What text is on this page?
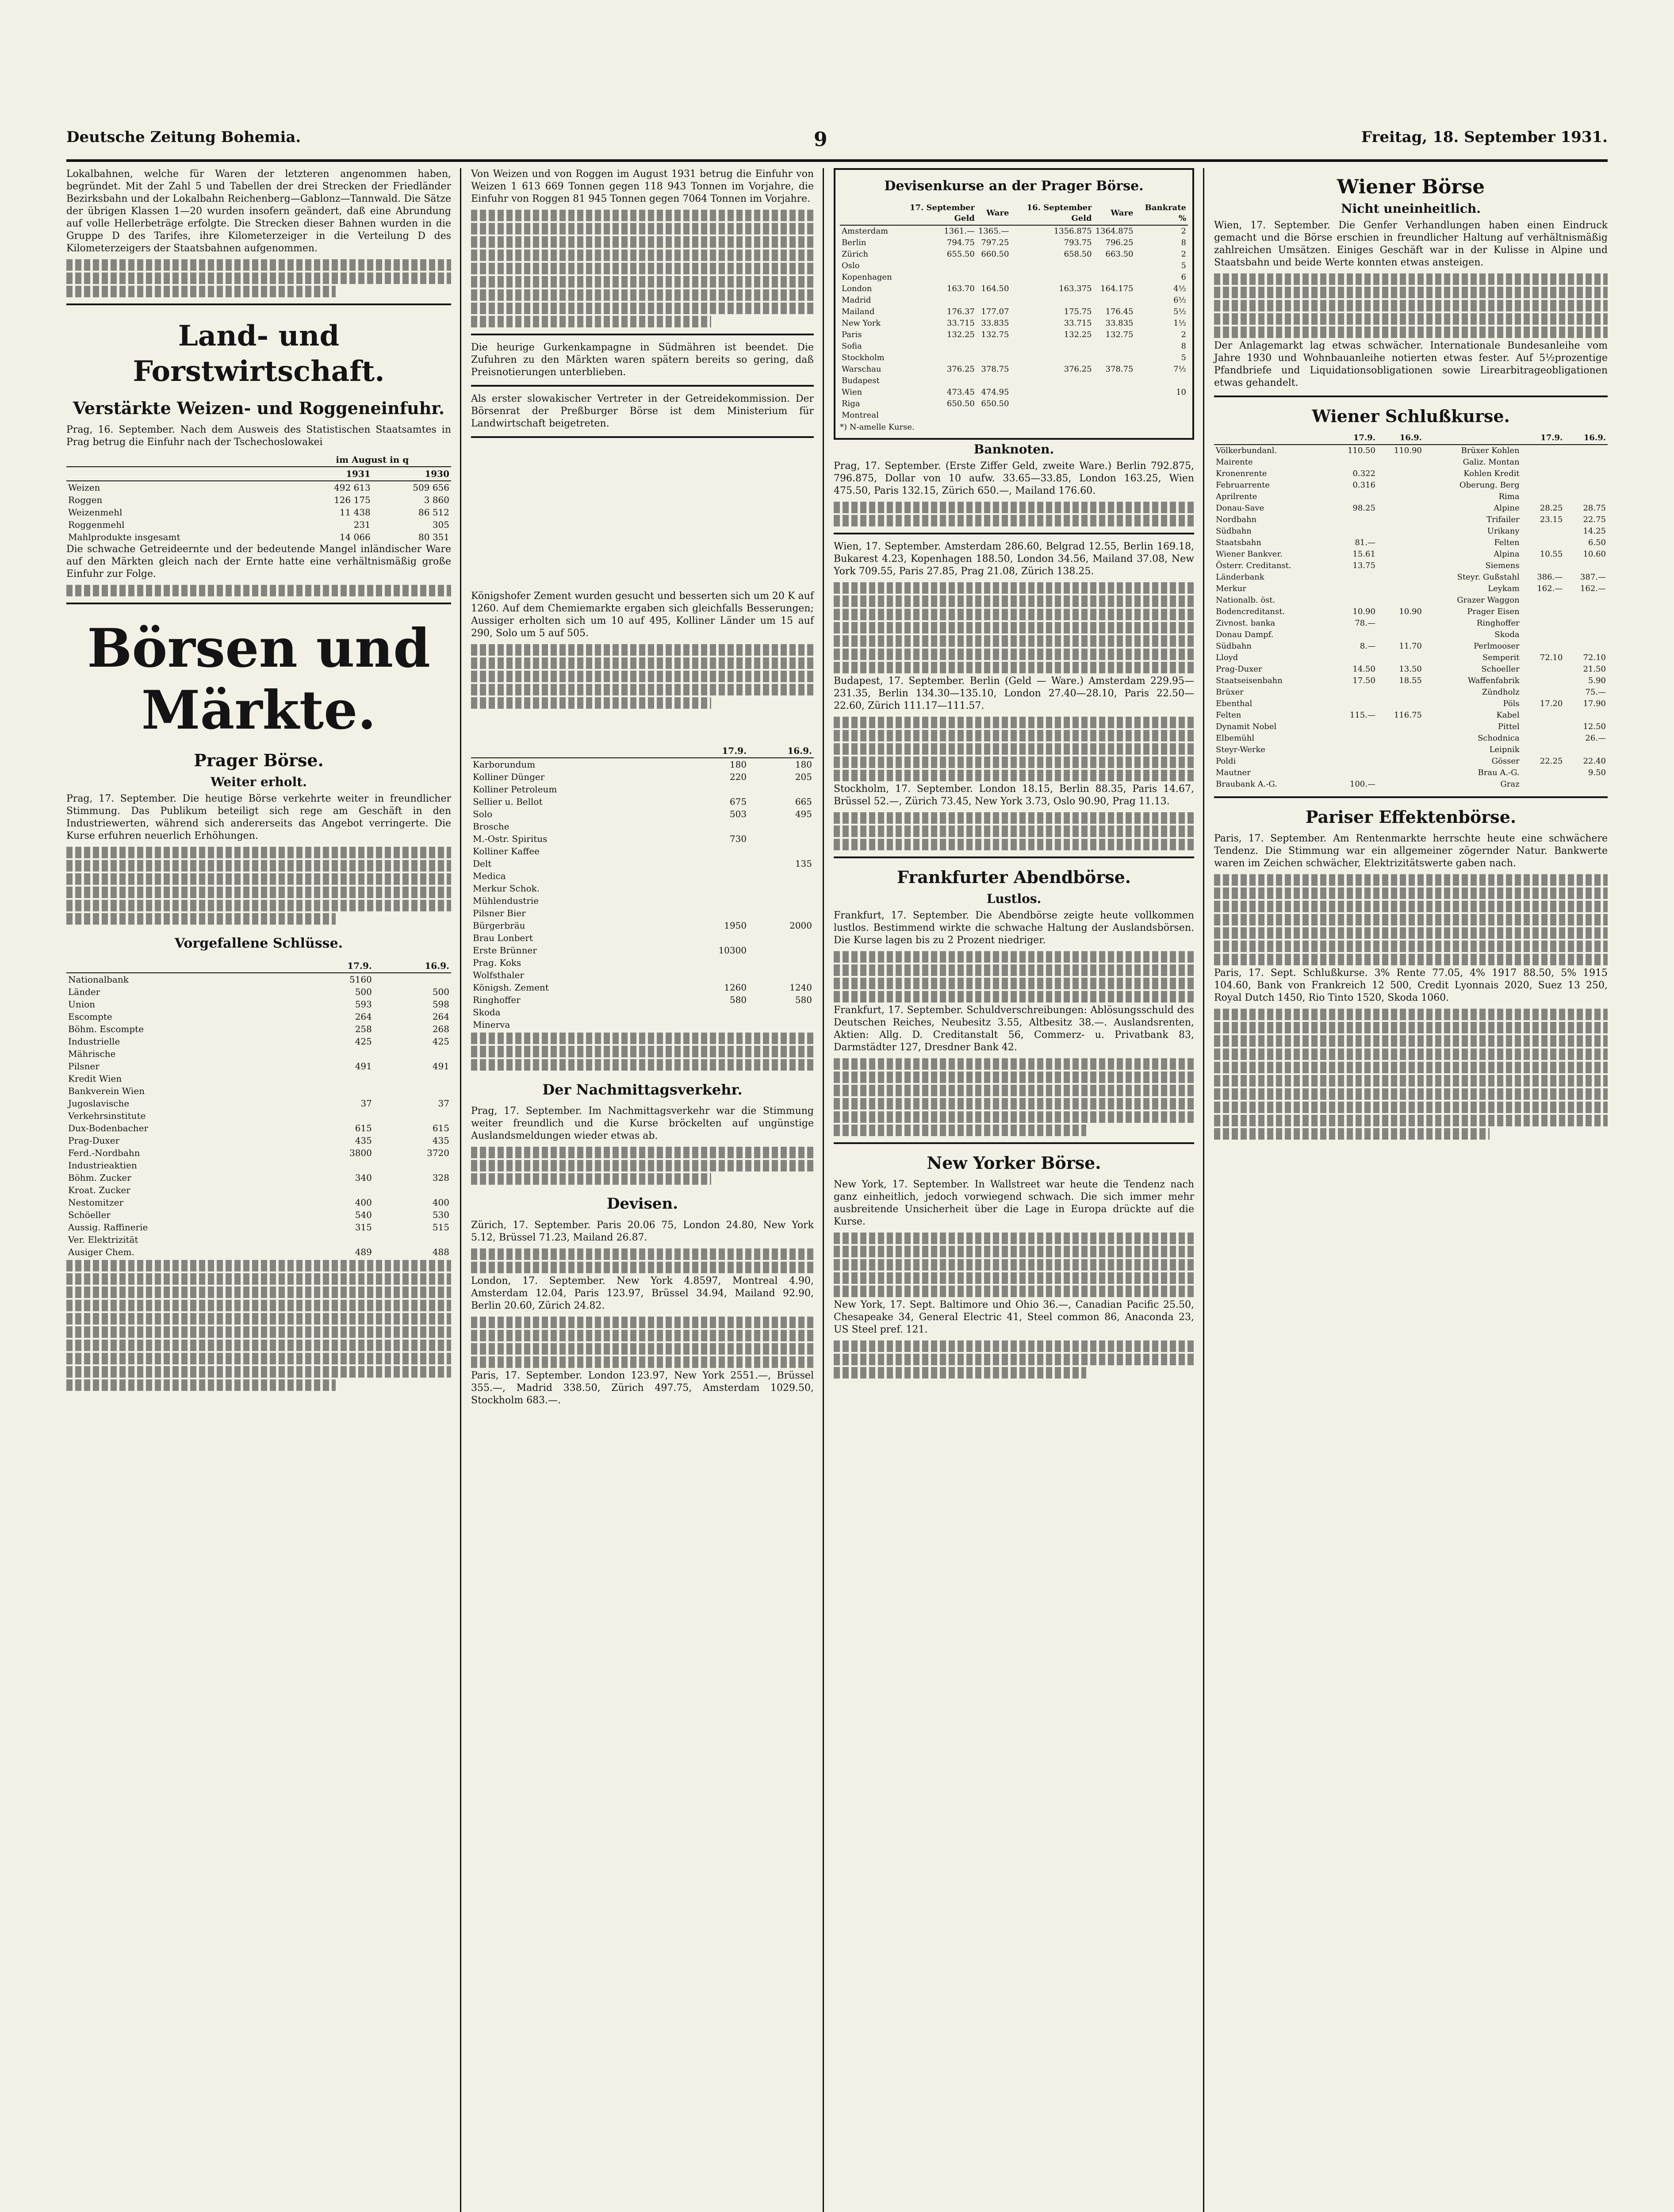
Deutsche Zeitung Bohemia.	9	Freitag, 18. September 1931.

Lokalbahnen, welche für Waren der letzteren angenommen haben, begründet. Mit der Zahl 5 und Tabellen der drei Strecken der Friedländer Bezirksbahn und der Lokalbahn Reichenberg—Gablonz—Tannwald. Die Sätze der übrigen Klassen 1—20 wurden insofern geändert, daß eine Abrundung auf volle Hellerbeträge erfolgte. Die Strecken dieser Bahnen wurden in die Gruppe D des Tarifes, ihre Kilometerzeiger in die Verteilung D des Kilometerzeigers der Staatsbahnen aufgenommen.

Land- und Forstwirtschaft.
Verstärkte Weizen- und Roggeneinfuhr.

Prag, 16. September. Nach dem Ausweis des Statistischen Staatsamtes in Prag betrug die Einfuhr nach der Tschechoslowakei

	im August in q	
	1931	1930
Weizen	492 613	509 656
Roggen	126 175	3 860
Weizenmehl	11 438	86 512
Roggenmehl	231	305
Mahlprodukte insgesamt	14 066	80 351

Die schwache Getreideernte und der bedeutende Mangel inländischer Ware auf den Märkten gleich nach der Ernte hatte eine verhältnismäßig große Einfuhr zur Folge.

Börsen und Märkte.
Prager Börse.
Weiter erholt.

Prag, 17. September. Die heutige Börse verkehrte weiter in freundlicher Stimmung. Das Publikum beteiligt sich rege am Geschäft in den Industriewerten, während sich andererseits das Angebot verringerte. Die Kurse erfuhren neuerlich Erhöhungen.

Vorgefallene Schlüsse.
	17.9.	16.9.
Nationalbank	5160	
Länder	500	500
Union	593	598
Escompte	264	264
Böhm. Escompte	258	268
Industrielle	425	425
Mährische		
Pilsner	491	491
Kredit Wien		
Bankverein Wien		
Jugoslavische	37	37
Verkehrsinstitute		
Dux-Bodenbacher	615	615
Prag-Duxer	435	435
Ferd.-Nordbahn	3800	3720
Industrieaktien		
Böhm. Zucker	340	328
Kroat. Zucker		
Nestomitzer	400	400
Schöeller	540	530
Aussig. Raffinerie	315	515
Ver. Elektrizität		
Ausiger Chem.	489	488

Von Weizen und von Roggen im August 1931 betrug die Einfuhr von Weizen 1 613 669 Tonnen gegen 118 943 Tonnen im Vorjahre, die Einfuhr von Roggen 81 945 Tonnen gegen 7064 Tonnen im Vorjahre.

Die heurige Gurkenkampagne in Südmähren ist beendet. Die Zufuhren zu den Märkten waren spätern bereits so gering, daß Preisnotierungen unterblieben.

Als erster slowakischer Vertreter in der Getreidekommission. Der Börsenrat der Preßburger Börse ist dem Ministerium für Landwirtschaft beigetreten.

Königshofer Zement wurden gesucht und besserten sich um 20 K auf 1260. Auf dem Chemiemarkte ergaben sich gleichfalls Besserungen; Aussiger erholten sich um 10 auf 495, Kolliner Länder um 15 auf 290, Solo um 5 auf 505.

	17.9.	16.9.
Karborundum	180	180
Kolliner Dünger	220	205
Kolliner Petroleum		
Sellier u. Bellot	675	665
Solo	503	495
Brosche		
M.-Ostr. Spiritus	730	
Kolliner Kaffee		
Delt		135
Medica		
Merkur Schok.		
Mühlendustrie		
Pilsner Bier		
Bürgerbräu	1950	2000
Brau Lonbert		
Erste Brünner	10300	
Prag. Koks		
Wolfsthaler		
Königsh. Zement	1260	1240
Ringhoffer	580	580
Skoda		
Minerva		
Der Nachmittagsverkehr.

Prag, 17. September. Im Nachmittagsverkehr war die Stimmung weiter freundlich und die Kurse bröckelten auf ungünstige Auslandsmeldungen wieder etwas ab.

Devisen.

Zürich, 17. September. Paris 20.06 75, London 24.80, New York 5.12, Brüssel 71.23, Mailand 26.87.

London, 17. September. New York 4.8597, Montreal 4.90, Amsterdam 12.04, Paris 123.97, Brüssel 34.94, Mailand 92.90, Berlin 20.60, Zürich 24.82.

Paris, 17. September. London 123.97, New York 2551.—, Brüssel 355.—, Madrid 338.50, Zürich 497.75, Amsterdam 1029.50, Stockholm 683.—.

Devisenkurse an der Prager Börse.
	17. September Geld	Ware	16. September Geld	Ware	Bankrate %
Amsterdam	1361.—	1365.—	1356.875	1364.875	2
Berlin	794.75	797.25	793.75	796.25	8
Zürich	655.50	660.50	658.50	663.50	2
Oslo					5
Kopenhagen					6
London	163.70	164.50	163.375	164.175	4½
Madrid					6½
Mailand	176.37	177.07	175.75	176.45	5½
New York	33.715	33.835	33.715	33.835	1½
Paris	132.25	132.75	132.25	132.75	2
Sofia					8
Stockholm					5
Warschau	376.25	378.75	376.25	378.75	7½
Budapest					
Wien	473.45	474.95			10
Riga	650.50	650.50			
Montreal					
*) N-amelle Kurse.
Banknoten.

Prag, 17. September. (Erste Ziffer Geld, zweite Ware.) Berlin 792.875, 796.875, Dollar von 10 aufw. 33.65—33.85, London 163.25, Wien 475.50, Paris 132.15, Zürich 650.—, Mailand 176.60.

Wien, 17. September. Amsterdam 286.60, Belgrad 12.55, Berlin 169.18, Bukarest 4.23, Kopenhagen 188.50, London 34.56, Mailand 37.08, New York 709.55, Paris 27.85, Prag 21.08, Zürich 138.25.

Budapest, 17. September. Berlin (Geld — Ware.) Amsterdam 229.95—231.35, Berlin 134.30—135.10, London 27.40—28.10, Paris 22.50—22.60, Zürich 111.17—111.57.

Stockholm, 17. September. London 18.15, Berlin 88.35, Paris 14.67, Brüssel 52.—, Zürich 73.45, New York 3.73, Oslo 90.90, Prag 11.13.

Frankfurter Abendbörse.
Lustlos.

Frankfurt, 17. September. Die Abendbörse zeigte heute vollkommen lustlos. Bestimmend wirkte die schwache Haltung der Auslandsbörsen. Die Kurse lagen bis zu 2 Prozent niedriger.

Frankfurt, 17. September. Schuldverschreibungen: Ablösungsschuld des Deutschen Reiches, Neubesitz 3.55, Altbesitz 38.—. Auslandsrenten, Aktien: Allg. D. Creditanstalt 56, Commerz- u. Privatbank 83, Darmstädter 127, Dresdner Bank 42.

New Yorker Börse.

New York, 17. September. In Wallstreet war heute die Tendenz nach ganz einheitlich, jedoch vorwiegend schwach. Die sich immer mehr ausbreitende Unsicherheit über die Lage in Europa drückte auf die Kurse.

New York, 17. Sept. Baltimore und Ohio 36.—, Canadian Pacific 25.50, Chesapeake 34, General Electric 41, Steel common 86, Anaconda 23, US Steel pref. 121.

Wiener Börse
Nicht uneinheitlich.

Wien, 17. September. Die Genfer Verhandlungen haben einen Eindruck gemacht und die Börse erschien in freundlicher Haltung auf verhältnismäßig zahlreichen Umsätzen. Einiges Geschäft war in der Kulisse in Alpine und Staatsbahn und beide Werte konnten etwas ansteigen.

Der Anlagemarkt lag etwas schwächer. Internationale Bundesanleihe vom Jahre 1930 und Wohnbauanleihe notierten etwas fester. Auf 5½prozentige Pfandbriefe und Liquidationsobligationen sowie Lirearbitrageobligationen etwas gehandelt.

Wiener Schlußkurse.
	17.9.	16.9.		17.9.	16.9.
Völkerbundanl.	110.50	110.90	Brüxer Kohlen		
Mairente			Galiz. Montan		
Kronenrente	0.322		Kohlen Kredit		
Februarrente	0.316		Oberung. Berg		
Aprilrente			Rima		
Donau-Save	98.25		Alpine	28.25	28.75
Nordbahn			Trifailer	23.15	22.75
Südbahn			Urikany		14.25
Staatsbahn	81.—		Felten		6.50
Wiener Bankver.	15.61		Alpina	10.55	10.60
Österr. Creditanst.	13.75		Siemens		
Länderbank			Steyr. Gußstahl	386.—	387.—
Merkur			Leykam	162.—	162.—
Nationalb. öst.			Grazer Waggon		
Bodencreditanst.	10.90	10.90	Prager Eisen		
Zivnost. banka	78.—		Ringhoffer		
Donau Dampf.			Skoda		
Südbahn	8.—	11.70	Perlmooser		
Lloyd			Semperit	72.10	72.10
Prag-Duxer	14.50	13.50	Schoeller		21.50
Staatseisenbahn	17.50	18.55	Waffenfabrik		5.90
Brüxer			Zündholz		75.—
Ebenthal			Pöls	17.20	17.90
Felten	115.—	116.75	Kabel		
Dynamit Nobel			Pittel		12.50
Elbemühl			Schodnica		26.—
Steyr-Werke			Leipnik		
Poldi			Gösser	22.25	22.40
Mautner			Brau A.-G.		9.50
Braubank A.-G.	100.—		Graz		
Pariser Effektenbörse.

Paris, 17. September. Am Rentenmarkte herrschte heute eine schwächere Tendenz. Die Stimmung war ein allgemeiner zögernder Natur. Bankwerte waren im Zeichen schwächer, Elektrizitätswerte gaben nach.

Paris, 17. Sept. Schlußkurse. 3% Rente 77.05, 4% 1917 88.50, 5% 1915 104.60, Bank von Frankreich 12 500, Credit Lyonnais 2020, Suez 13 250, Royal Dutch 1450, Rio Tinto 1520, Skoda 1060.
